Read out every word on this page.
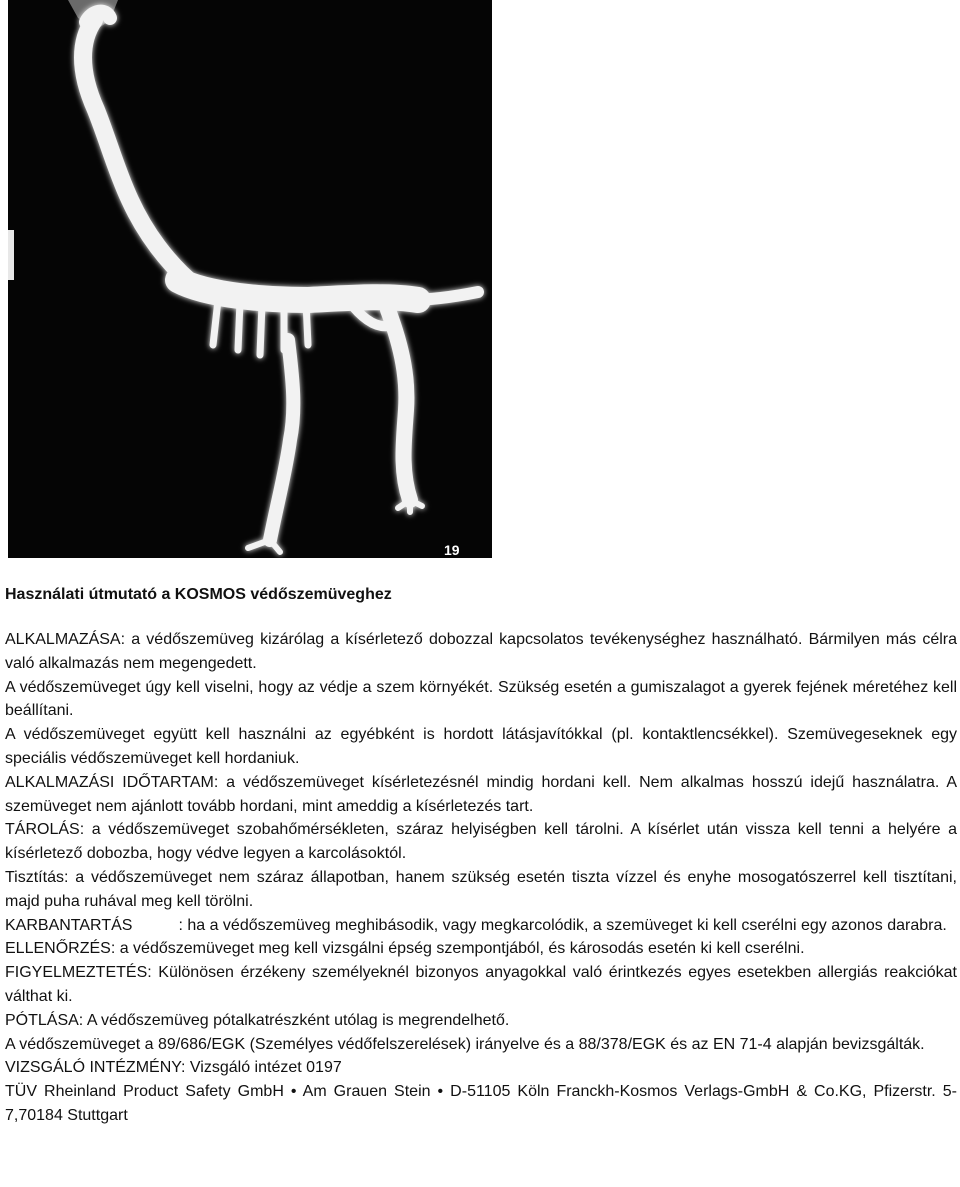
19

Használati útmutató a KOSMOS védőszemüveghez

ALKALMAZÁSA: a védőszemüveg kizárólag a kísérletező dobozzal kapcsolatos tevékenységhez használható. Bármilyen más célra való alkalmazás nem megengedett.

A védőszemüveget úgy kell viselni, hogy az védje a szem környékét. Szükség esetén a gumiszalagot a gyerek fejének méretéhez kell beállítani.

A védőszemüveget együtt kell használni az egyébként is hordott látásjavítókkal (pl. kontaktlencsékkel). Szemüvegeseknek egy speciális védőszemüveget kell hordaniuk.

ALKALMAZÁSI IDŐTARTAM: a védőszemüveget kísérletezésnél mindig hordani kell. Nem alkalmas hosszú idejű használatra. A szemüveget nem ajánlott tovább hordani, mint ameddig a kísérletezés tart.

TÁROLÁS: a védőszemüveget szobahőmérsékleten, száraz helyiségben kell tárolni. A kísérlet után vissza kell tenni a helyére a kísérletező dobozba, hogy védve legyen a karcolásoktól.

Tisztítás: a védőszemüveget nem száraz állapotban, hanem szükség esetén tiszta vízzel és enyhe mosogatószerrel kell tisztítani, majd puha ruhával meg kell törölni.

KARBANTARTÁS	: ha a védőszemüveg meghibásodik, vagy megkarcolódik, a szemüveget ki kell cserélni egy azonos darabra.

ELLENŐRZÉS: a védőszemüveget meg kell vizsgálni épség szempontjából, és károsodás esetén ki kell cserélni.

FIGYELMEZTETÉS: Különösen érzékeny személyeknél bizonyos anyagokkal való érintkezés egyes esetekben allergiás reakciókat válthat ki.

PÓTLÁSA: A védőszemüveg pótalkatrészként utólag is megrendelhető.

A védőszemüveget a 89/686/EGK (Személyes védőfelszerelések) irányelve és a 88/378/EGK és az EN 71-4 alapján bevizsgálták.

VIZSGÁLÓ INTÉZMÉNY: Vizsgáló intézet 0197

TÜV Rheinland Product Safety GmbH • Am Grauen Stein • D-51105 Köln Franckh-Kosmos Verlags-GmbH & Co.KG, Pfizerstr. 5-7,70184 Stuttgart
